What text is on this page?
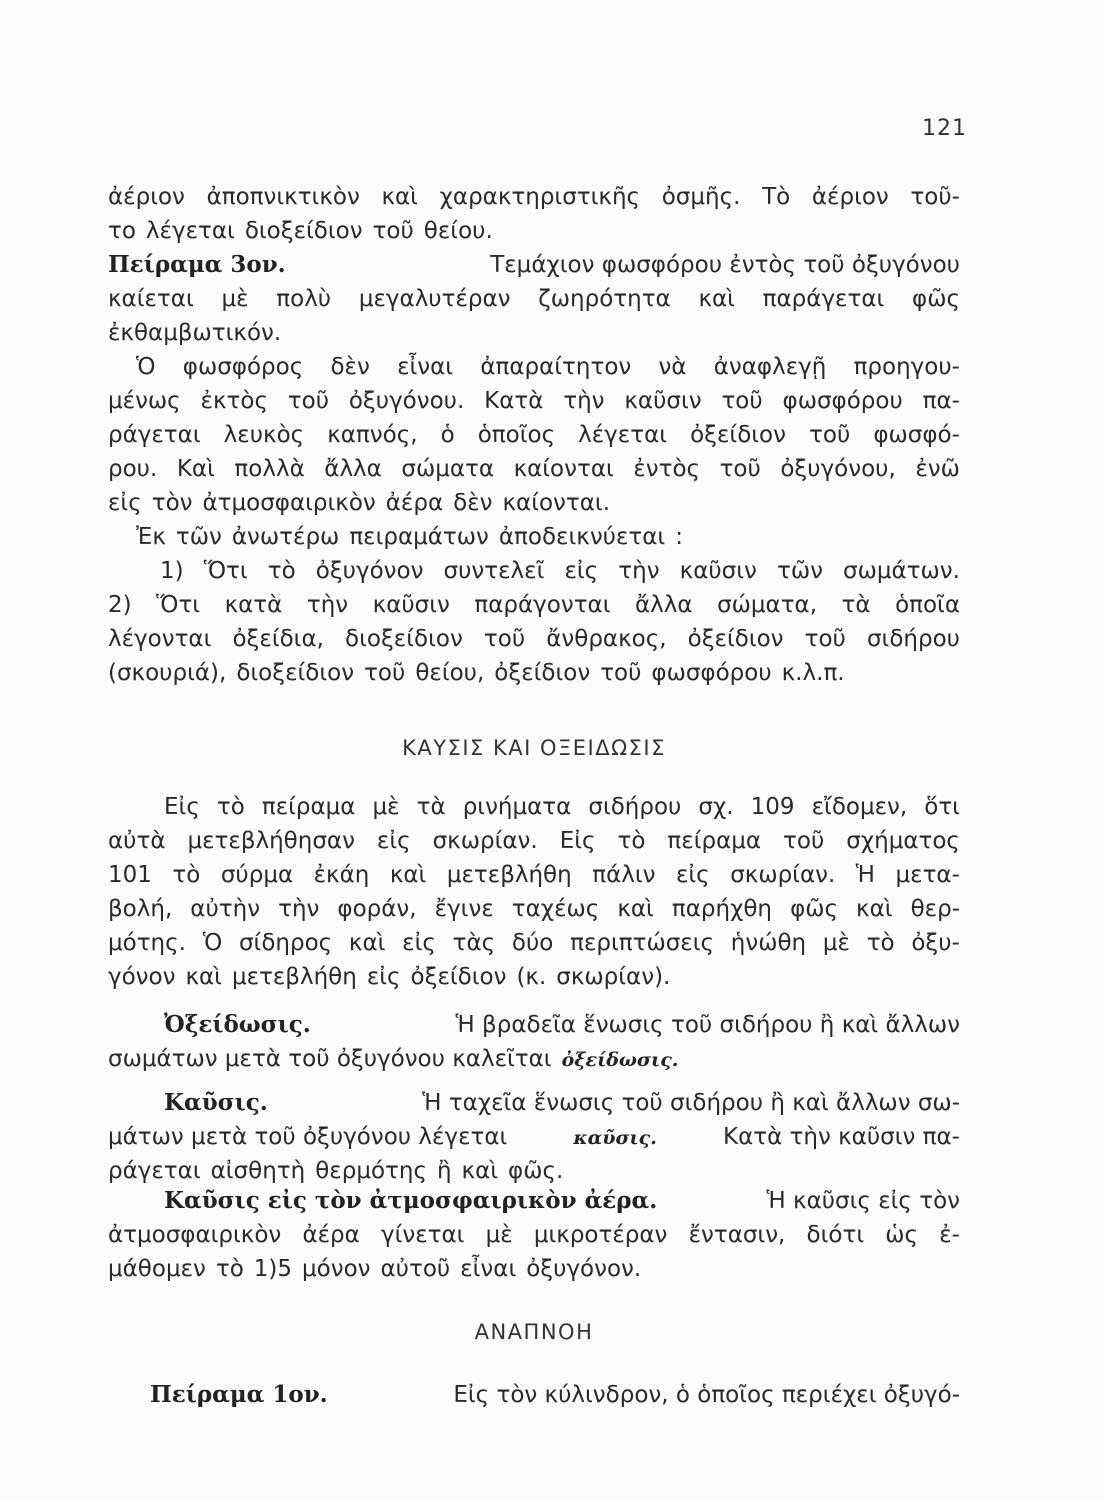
121
ἀέριον ἀποπνικτικὸν καὶ χαρακτηριστικῆς ὀσμῆς. Τὸ ἀέριον τοῦ-
το λέγεται διοξείδιον τοῦ θείου.
Πείραμα 3ον.	Τεμάχιον φωσφόρου ἐντὸς τοῦ ὀξυγόνου
καίεται μὲ πολὺ μεγαλυτέραν ζωηρότητα καὶ παράγεται φῶς
ἐκθαμβωτικόν.
Ὁ φωσφόρος δὲν εἶναι ἀπαραίτητον νὰ ἀναφλεγῇ προηγου-
μένως ἐκτὸς τοῦ ὀξυγόνου. Κατὰ τὴν καῦσιν τοῦ φωσφόρου πα-
ράγεται λευκὸς καπνός, ὁ ὁποῖος λέγεται ὀξείδιον τοῦ φωσφό-
ρου. Καὶ πολλὰ ἄλλα σώματα καίονται ἐντὸς τοῦ ὀξυγόνου, ἐνῶ
εἰς τὸν ἀτμοσφαιρικὸν ἀέρα δὲν καίονται.
Ἐκ τῶν ἀνωτέρω πειραμάτων ἀποδεικνύεται :
1) Ὅτι τὸ ὀξυγόνον συντελεῖ εἰς τὴν καῦσιν τῶν σωμάτων.
2) Ὅτι κατὰ τὴν καῦσιν παράγονται ἄλλα σώματα, τὰ ὁποῖα
λέγονται ὀξείδια, διοξείδιον τοῦ ἄνθρακος, ὀξείδιον τοῦ σιδήρου
(σκουριά), διοξείδιον τοῦ θείου, ὀξείδιον τοῦ φωσφόρου κ.λ.π.
ΚΑΥΣΙΣ ΚΑΙ ΟΞΕΙΔΩΣΙΣ
Εἰς τὸ πείραμα μὲ τὰ ρινήματα σιδήρου σχ. 109 εἴδομεν, ὅτι
αὐτὰ μετεβλήθησαν εἰς σκωρίαν. Εἰς τὸ πείραμα τοῦ σχήματος
101 τὸ σύρμα ἐκάη καὶ μετεβλήθη πάλιν εἰς σκωρίαν. Ἡ μετα-
βολή, αὐτὴν τὴν φοράν, ἔγινε ταχέως καὶ παρήχθη φῶς καὶ θερ-
μότης. Ὁ σίδηρος καὶ εἰς τὰς δύο περιπτώσεις ἡνώθη μὲ τὸ ὀξυ-
γόνον καὶ μετεβλήθη εἰς ὀξείδιον (κ. σκωρίαν).
Ὀξείδωσις.	Ἡ βραδεῖα ἕνωσις τοῦ σιδήρου ἢ καὶ ἄλλων
σωμάτων μετὰ τοῦ ὀξυγόνου καλεῖται ὀξείδωσις.
Καῦσις.	Ἡ ταχεῖα ἕνωσις τοῦ σιδήρου ἢ καὶ ἄλλων σω-
μάτων μετὰ τοῦ ὀξυγόνου λέγεται	καῦσις.	Κατὰ τὴν καῦσιν πα-
ράγεται αἰσθητὴ θερμότης ἢ καὶ φῶς.
Καῦσις εἰς τὸν ἀτμοσφαιρικὸν ἀέρα.	Ἡ καῦσις εἰς τὸν
ἀτμοσφαιρικὸν ἀέρα γίνεται μὲ μικροτέραν ἔντασιν, διότι ὡς ἐ-
μάθομεν τὸ 1)5 μόνον αὐτοῦ εἶναι ὀξυγόνον.
ΑΝΑΠΝΟΗ
Πείραμα 1ον.	Εἰς τὸν κύλινδρον, ὁ ὁποῖος περιέχει ὀξυγό-
